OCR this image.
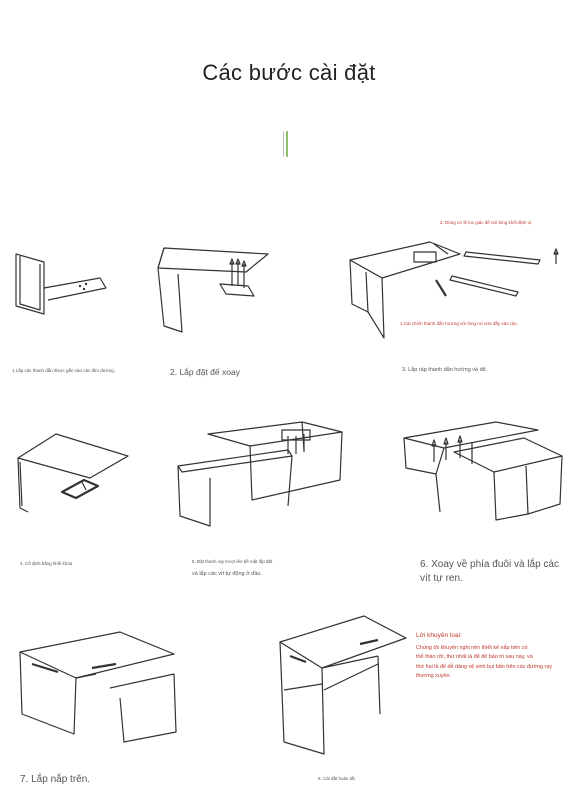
Các bước cài đặt
1.Lắp các thanh dẫn được gắn vào các tầm đường.	2. Lắp đặt đế xoay
2. Dùng cờ lê lục giác để nới lỏng khối định vị.
1.Cài chính thanh dẫn hướng với lòng rơi vừa đầy vào ráo.
3. Lắp ráp thanh dẫn hướng và đế.
4. Cố định bằng khối khóa	5. Đặt thanh ray trượt lên bề mặt lắp đặt
và lắp các vít tự động ở đầu.
6. Xoay về phía đuôi và lắp các
vít tự ren.
7. Lắp nắp trên.	8. Cài đặt hoàn tất
Lời khuyên loại:
Chúng tôi khuyên nghị nên thiết kế nắp trên có
thể tháo rời, thứ nhất là để để bảo trì sau này, và
thứ hai là để dễ dàng vệ sinh bụi bẩn trên các đường ray
thường xuyên.
